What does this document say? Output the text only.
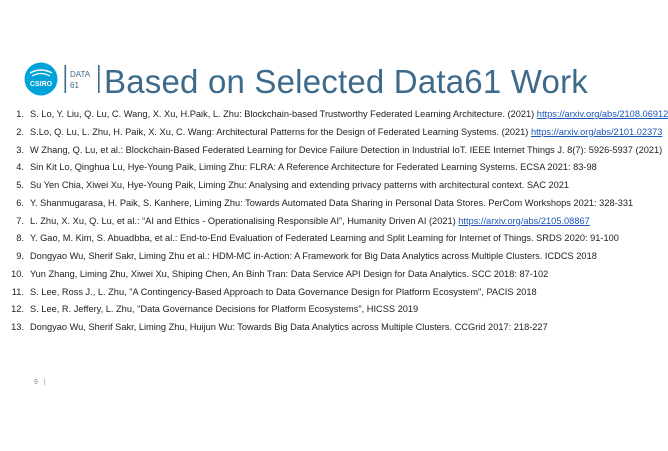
CSIRO
DATA
61 Based on Selected Data61 Work
1. S. Lo, Y. Liu, Q. Lu, C. Wang, X. Xu, H.Paik, L. Zhu: Blockchain-based Trustworthy Federated Learning Architecture. (2021) https://arxiv.org/abs/2108.06912
2. S.Lo, Q. Lu, L. Zhu, H. Paik, X. Xu, C. Wang: Architectural Patterns for the Design of Federated Learning Systems. (2021) https://arxiv.org/abs/2101.02373
3. W Zhang, Q. Lu, et al.: Blockchain-Based Federated Learning for Device Failure Detection in Industrial IoT. IEEE Internet Things J. 8(7): 5926-5937 (2021)
4. Sin Kit Lo, Qinghua Lu, Hye-Young Paik, Liming Zhu: FLRA: A Reference Architecture for Federated Learning Systems. ECSA 2021: 83-98
5. Su Yen Chia, Xiwei Xu, Hye-Young Paik, Liming Zhu: Analysing and extending privacy patterns with architectural context. SAC 2021
6. Y. Shanmugarasa, H. Paik, S. Kanhere, Liming Zhu: Towards Automated Data Sharing in Personal Data Stores. PerCom Workshops 2021: 328-331
7. L. Zhu, X. Xu, Q. Lu, et al.: “AI and Ethics - Operationalising Responsible AI”, Humanity Driven AI (2021) https://arxiv.org/abs/2105.08867
8. Y. Gao, M. Kim, S. Abuadbba, et al.: End-to-End Evaluation of Federated Learning and Split Learning for Internet of Things. SRDS 2020: 91-100
9. Dongyao Wu, Sherif Sakr, Liming Zhu et al.: HDM-MC in-Action: A Framework for Big Data Analytics across Multiple Clusters. ICDCS 2018
10. Yun Zhang, Liming Zhu, Xiwei Xu, Shiping Chen, An Binh Tran: Data Service API Design for Data Analytics. SCC 2018: 87-102
11. S. Lee, Ross J., L. Zhu, "A Contingency-Based Approach to Data Governance Design for Platform Ecosystem", PACIS 2018
12. S. Lee, R. Jeffery, L. Zhu, "Data Governance Decisions for Platform Ecosystems", HICSS 2019
13. Dongyao Wu, Sherif Sakr, Liming Zhu, Huijun Wu: Towards Big Data Analytics across Multiple Clusters. CCGrid 2017: 218-227
9 |
